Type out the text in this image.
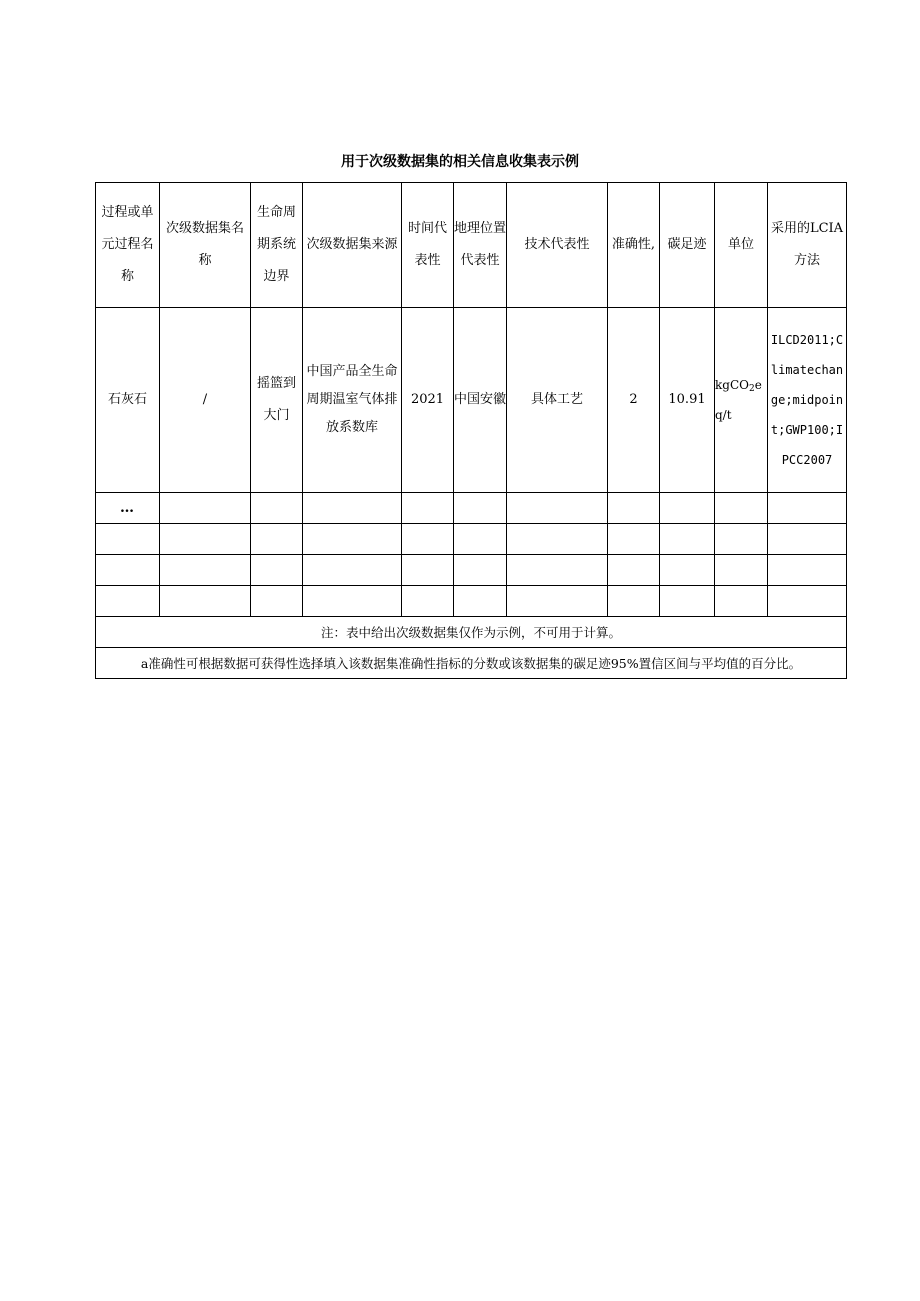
用于次级数据集的相关信息收集表示例
过程或单元过程名称	次级数据集名称	生命周期系统边界	次级数据集来源	时间代表性	地理位置代表性	技术代表性	准确性,	碳足迹	单位	采用的LCIA方法
石灰石	/	摇篮到大门	中国产品全生命周期温室气体排放系数库	2021	中国安徽	具体工艺	2	10.91	kgCO$_2$eq/t	ILCD2011;Climatechange;midpoint;GWP100;IPCC2007
…										

注：表中给出次级数据集仅作为示例，不可用于计算。										
a准确性可根据数据可获得性选择填入该数据集准确性指标的分数或该数据集的碳足迹95%置信区间与平均值的百分比。										
